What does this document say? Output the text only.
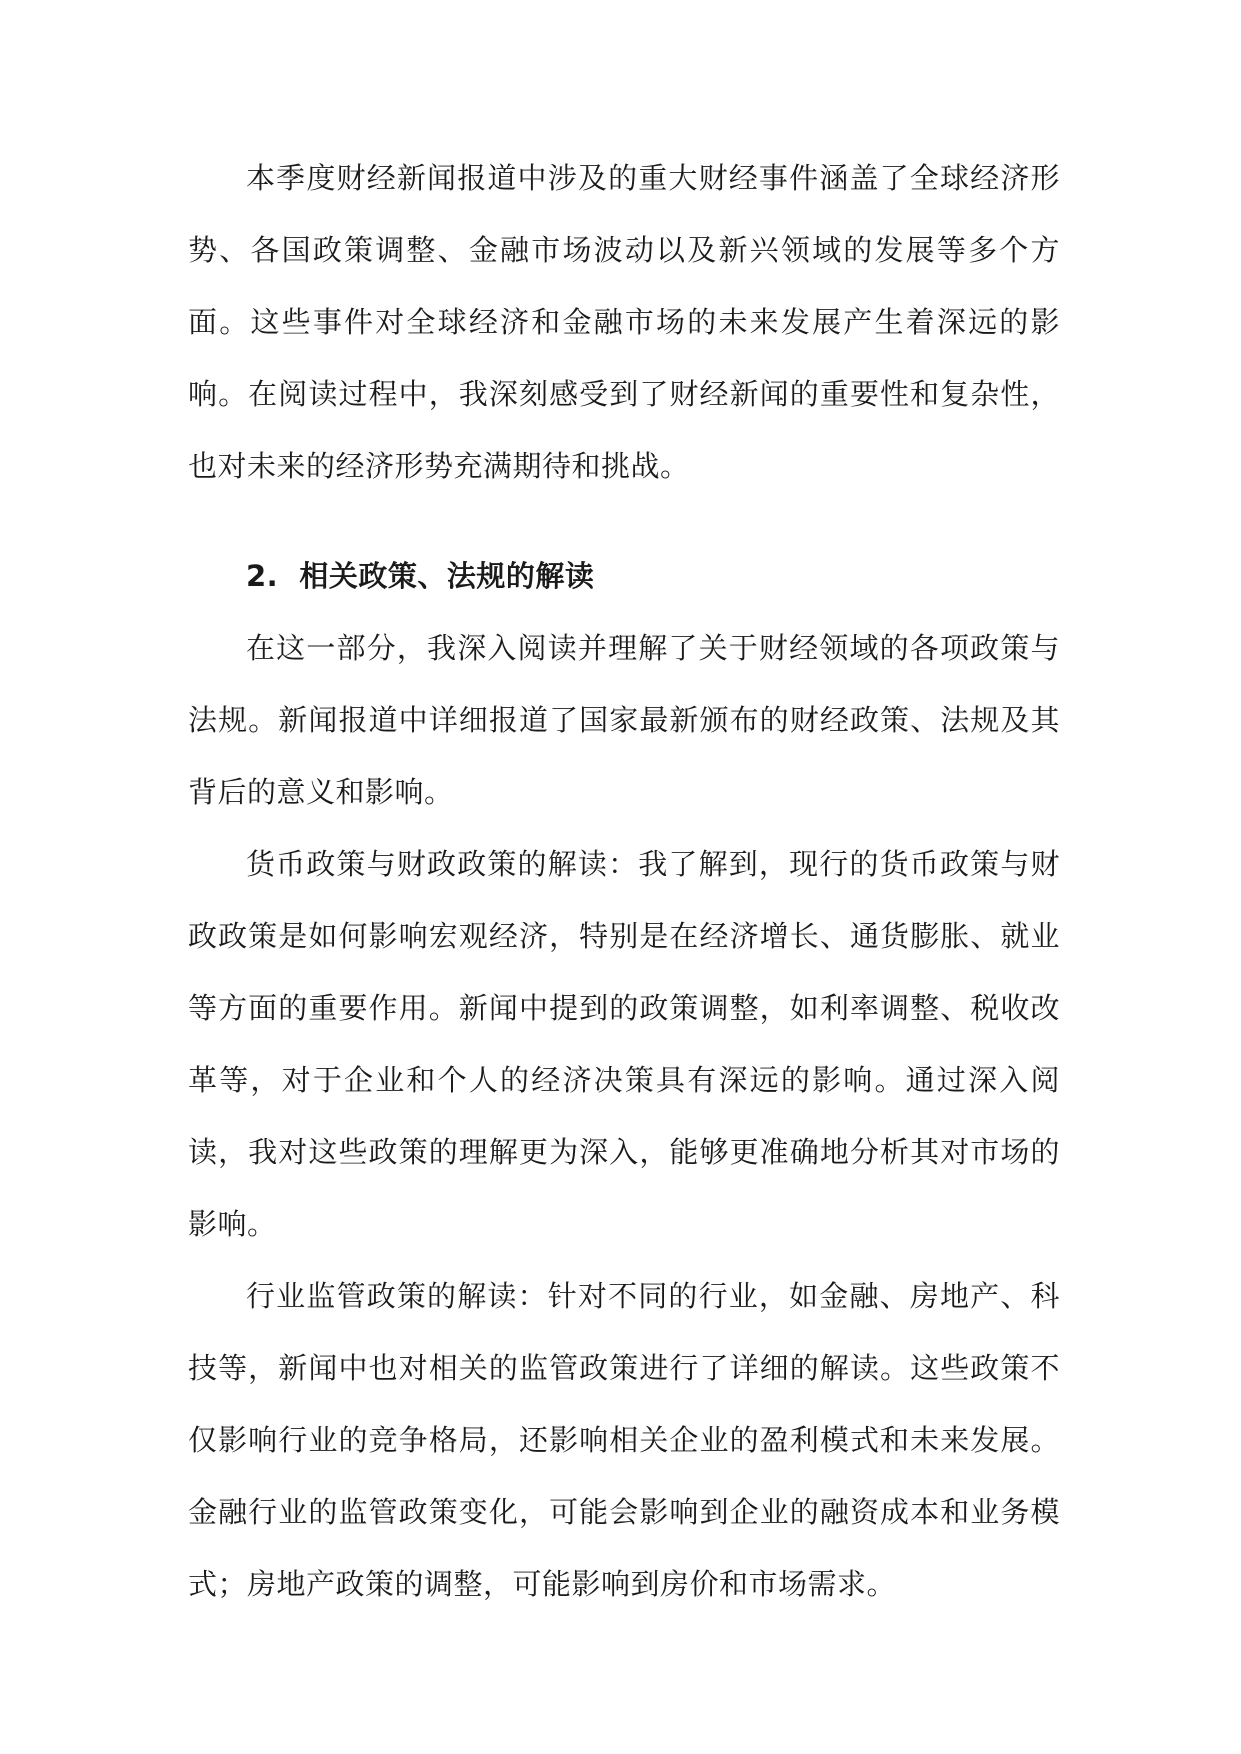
本季度财经新闻报道中涉及的重大财经事件涵盖了全球经济形势、各国政策调整、金融市场波动以及新兴领域的发展等多个方面。这些事件对全球经济和金融市场的未来发展产生着深远的影响。在阅读过程中，我深刻感受到了财经新闻的重要性和复杂性，也对未来的经济形势充满期待和挑战。

2. 相关政策、法规的解读

在这一部分，我深入阅读并理解了关于财经领域的各项政策与法规。新闻报道中详细报道了国家最新颁布的财经政策、法规及其背后的意义和影响。

货币政策与财政政策的解读：我了解到，现行的货币政策与财政政策是如何影响宏观经济，特别是在经济增长、通货膨胀、就业等方面的重要作用。新闻中提到的政策调整，如利率调整、税收改革等，对于企业和个人的经济决策具有深远的影响。通过深入阅读，我对这些政策的理解更为深入，能够更准确地分析其对市场的影响。

行业监管政策的解读：针对不同的行业，如金融、房地产、科技等，新闻中也对相关的监管政策进行了详细的解读。这些政策不仅影响行业的竞争格局，还影响相关企业的盈利模式和未来发展。金融行业的监管政策变化，可能会影响到企业的融资成本和业务模式；房地产政策的调整，可能影响到房价和市场需求。
